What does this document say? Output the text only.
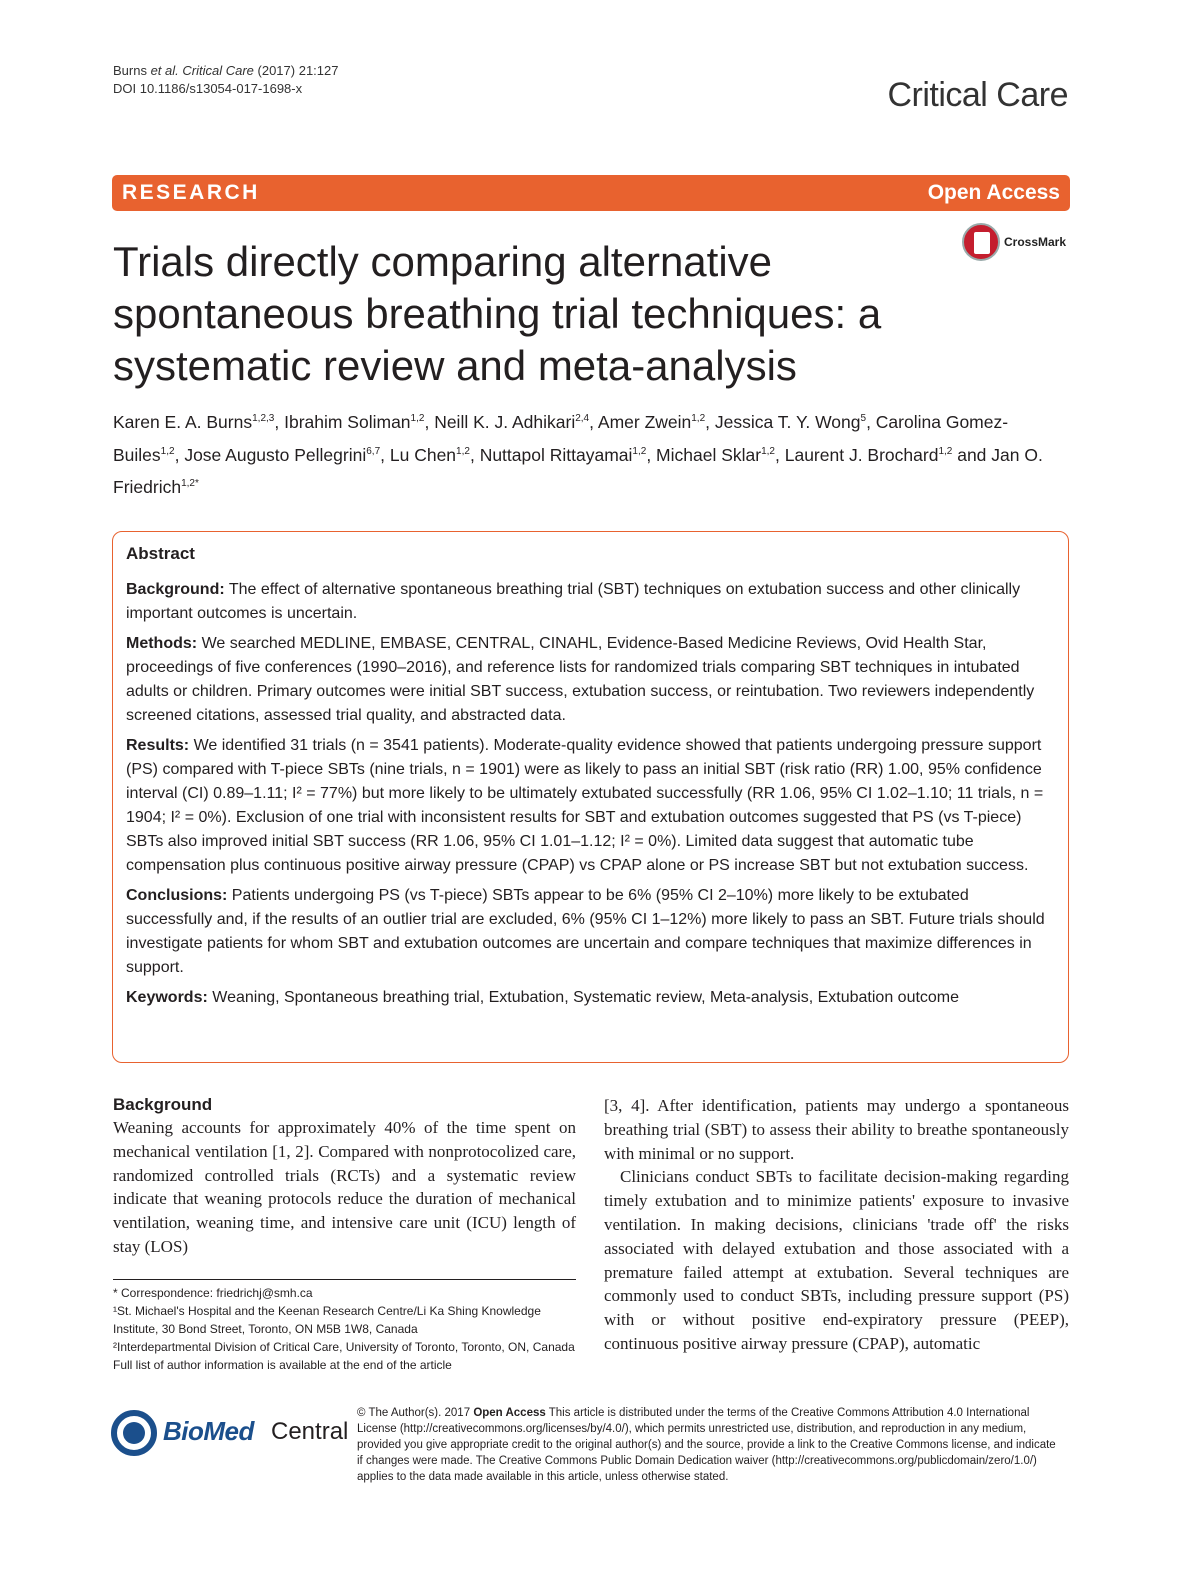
Burns et al. Critical Care (2017) 21:127
DOI 10.1186/s13054-017-1698-x	Critical Care
RESEARCH	Open Access
CrossMark
Trials directly comparing alternative spontaneous breathing trial techniques: a systematic review and meta-analysis
Karen E. A. Burns$^{1,2,3}$, Ibrahim Soliman$^{1,2}$, Neill K. J. Adhikari$^{2,4}$, Amer Zwein$^{1,2}$, Jessica T. Y. Wong$^5$, Carolina Gomez-Builes$^{1,2}$, Jose Augusto Pellegrini$^{6,7}$, Lu Chen$^{1,2}$, Nuttapol Rittayamai$^{1,2}$, Michael Sklar$^{1,2}$, Laurent J. Brochard$^{1,2}$ and Jan O. Friedrich$^{1,2*}$
Abstract

Background: The effect of alternative spontaneous breathing trial (SBT) techniques on extubation success and other clinically important outcomes is uncertain.

Methods: We searched MEDLINE, EMBASE, CENTRAL, CINAHL, Evidence-Based Medicine Reviews, Ovid Health Star, proceedings of five conferences (1990–2016), and reference lists for randomized trials comparing SBT techniques in intubated adults or children. Primary outcomes were initial SBT success, extubation success, or reintubation. Two reviewers independently screened citations, assessed trial quality, and abstracted data.

Results: We identified 31 trials (n = 3541 patients). Moderate-quality evidence showed that patients undergoing pressure support (PS) compared with T-piece SBTs (nine trials, n = 1901) were as likely to pass an initial SBT (risk ratio (RR) 1.00, 95% confidence interval (CI) 0.89–1.11; I² = 77%) but more likely to be ultimately extubated successfully (RR 1.06, 95% CI 1.02–1.10; 11 trials, n = 1904; I² = 0%). Exclusion of one trial with inconsistent results for SBT and extubation outcomes suggested that PS (vs T-piece) SBTs also improved initial SBT success (RR 1.06, 95% CI 1.01–1.12; I² = 0%). Limited data suggest that automatic tube compensation plus continuous positive airway pressure (CPAP) vs CPAP alone or PS increase SBT but not extubation success.

Conclusions: Patients undergoing PS (vs T-piece) SBTs appear to be 6% (95% CI 2–10%) more likely to be extubated successfully and, if the results of an outlier trial are excluded, 6% (95% CI 1–12%) more likely to pass an SBT. Future trials should investigate patients for whom SBT and extubation outcomes are uncertain and compare techniques that maximize differences in support.

Keywords: Weaning, Spontaneous breathing trial, Extubation, Systematic review, Meta-analysis, Extubation outcome

Background
Weaning accounts for approximately 40% of the time spent on mechanical ventilation [1, 2]. Compared with nonprotocolized care, randomized controlled trials (RCTs) and a systematic review indicate that weaning protocols reduce the duration of mechanical ventilation, weaning time, and intensive care unit (ICU) length of stay (LOS)

* Correspondence: friedrichj@smh.ca

¹St. Michael's Hospital and the Keenan Research Centre/Li Ka Shing Knowledge Institute, 30 Bond Street, Toronto, ON M5B 1W8, Canada

²Interdepartmental Division of Critical Care, University of Toronto, Toronto, ON, Canada

Full list of author information is available at the end of the article

[3, 4]. After identification, patients may undergo a spontaneous breathing trial (SBT) to assess their ability to breathe spontaneously with minimal or no support.

Clinicians conduct SBTs to facilitate decision-making regarding timely extubation and to minimize patients' exposure to invasive ventilation. In making decisions, clinicians 'trade off' the risks associated with delayed extubation and those associated with a premature failed attempt at extubation. Several techniques are commonly used to conduct SBTs, including pressure support (PS) with or without positive end-expiratory pressure (PEEP), continuous positive airway pressure (CPAP), automatic

BioMed Central
© The Author(s). 2017 Open Access This article is distributed under the terms of the Creative Commons Attribution 4.0 International License (http://creativecommons.org/licenses/by/4.0/), which permits unrestricted use, distribution, and reproduction in any medium, provided you give appropriate credit to the original author(s) and the source, provide a link to the Creative Commons license, and indicate if changes were made. The Creative Commons Public Domain Dedication waiver (http://creativecommons.org/publicdomain/zero/1.0/) applies to the data made available in this article, unless otherwise stated.
